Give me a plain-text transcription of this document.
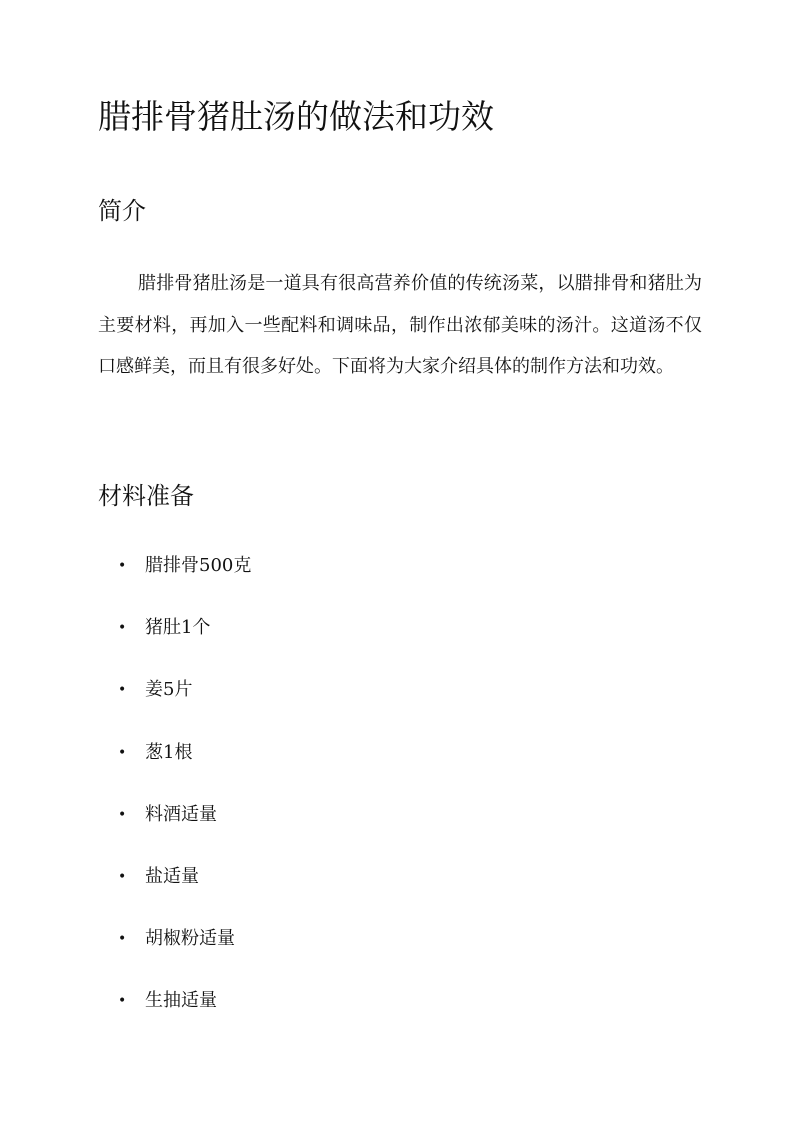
腊排骨猪肚汤的做法和功效
简介

腊排骨猪肚汤是一道具有很高营养价值的传统汤菜，以腊排骨和猪肚为主要材料，再加入一些配料和调味品，制作出浓郁美味的汤汁。这道汤不仅口感鲜美，而且有很多好处。下面将为大家介绍具体的制作方法和功效。

材料准备
• 腊排骨500克
• 猪肚1个
• 姜5片
• 葱1根
• 料酒适量
• 盐适量
• 胡椒粉适量
• 生抽适量
